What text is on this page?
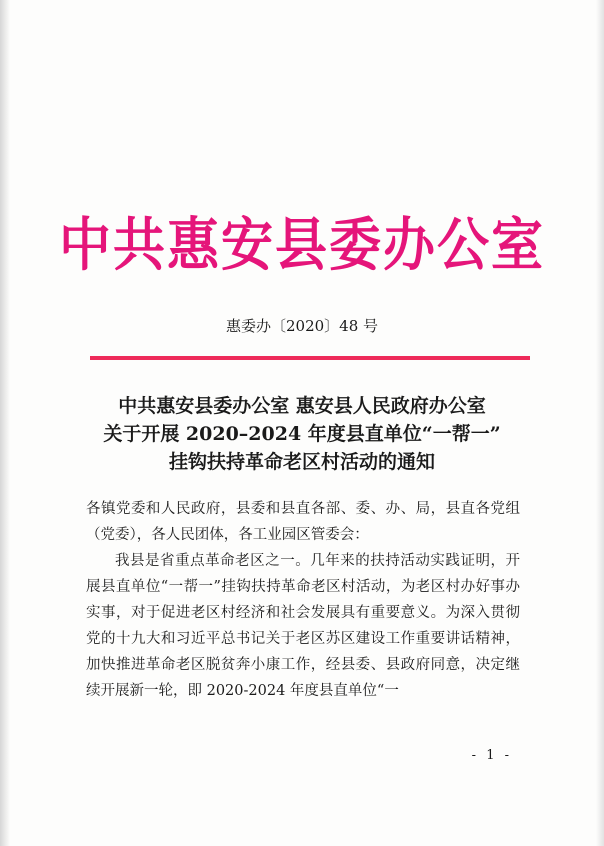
中共惠安县委办公室
惠委办〔2020〕48 号
中共惠安县委办公室 惠安县人民政府办公室
关于开展 2020–2024 年度县直单位“一帮一”
挂钩扶持革命老区村活动的通知

各镇党委和人民政府，县委和县直各部、委、办、局，县直各党组（党委），各人民团体，各工业园区管委会：

我县是省重点革命老区之一。几年来的扶持活动实践证明，开展县直单位“一帮一”挂钩扶持革命老区村活动，为老区村办好事办实事，对于促进老区村经济和社会发展具有重要意义。为深入贯彻党的十九大和习近平总书记关于老区苏区建设工作重要讲话精神，加快推进革命老区脱贫奔小康工作，经县委、县政府同意，决定继续开展新一轮，即 2020-2024 年度县直单位“一

- 1 -
